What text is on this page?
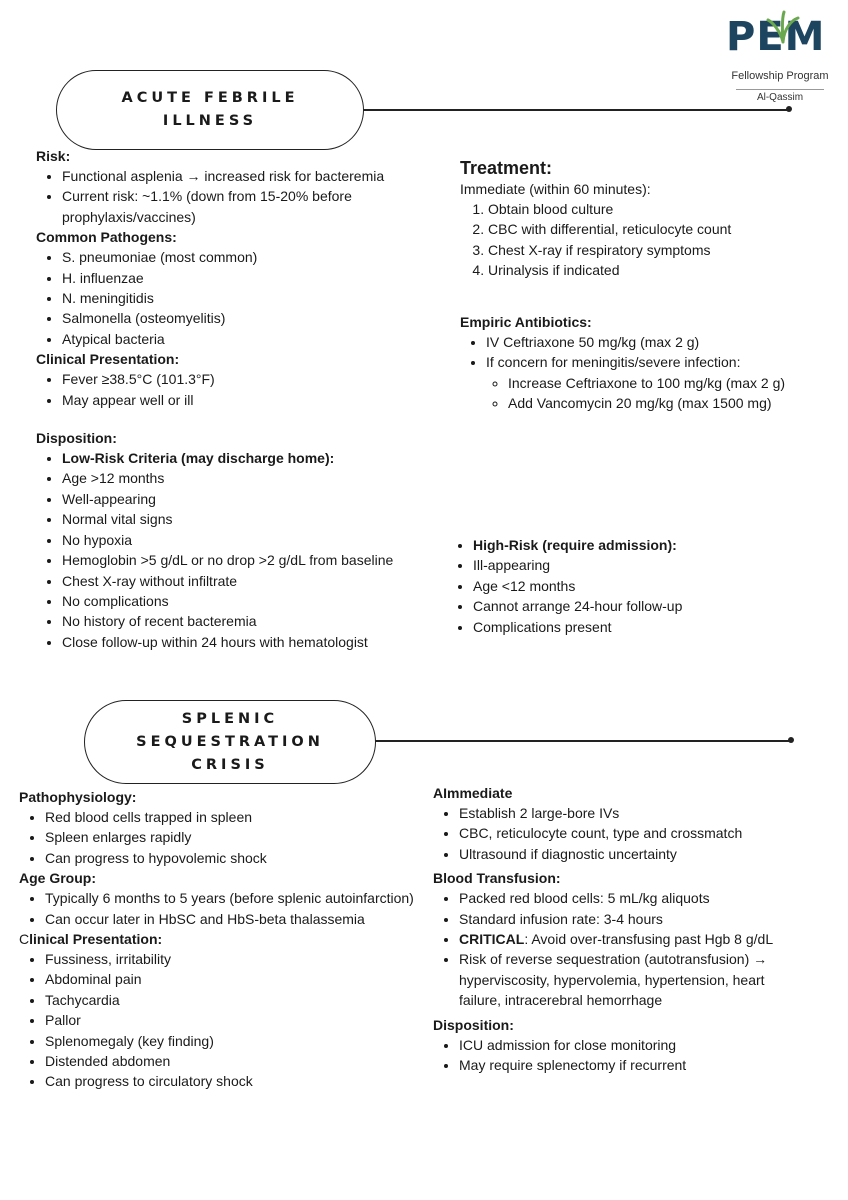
PEM
Fellowship Program
Al-Qassim
ACUTE FEBRILE
ILLNESS
Risk:
• Functional asplenia → increased risk for bacteremia
• Current risk: ~1.1% (down from 15-20% before prophylaxis/vaccines)
Common Pathogens:
• S. pneumoniae (most common)
• H. influenzae
• N. meningitidis
• Salmonella (osteomyelitis)
• Atypical bacteria
Clinical Presentation:
• Fever ≥38.5°C (101.3°F)
• May appear well or ill
Disposition:
• Low-Risk Criteria (may discharge home):
• Age >12 months
• Well-appearing
• Normal vital signs
• No hypoxia
• Hemoglobin >5 g/dL or no drop >2 g/dL from baseline
• Chest X-ray without infiltrate
• No complications
• No history of recent bacteremia
• Close follow-up within 24 hours with hematologist
Treatment:
Immediate (within 60 minutes):
1. Obtain blood culture
2. CBC with differential, reticulocyte count
3. Chest X-ray if respiratory symptoms
4. Urinalysis if indicated
Empiric Antibiotics:
• IV Ceftriaxone 50 mg/kg (max 2 g)
• If concern for meningitis/severe infection:
◦ Increase Ceftriaxone to 100 mg/kg (max 2 g)
◦ Add Vancomycin 20 mg/kg (max 1500 mg)
• High-Risk (require admission):
• Ill-appearing
• Age <12 months
• Cannot arrange 24-hour follow-up
• Complications present
SPLENIC
SEQUESTRATION
CRISIS
Pathophysiology:
• Red blood cells trapped in spleen
• Spleen enlarges rapidly
• Can progress to hypovolemic shock
Age Group:
• Typically 6 months to 5 years (before splenic autoinfarction)
• Can occur later in HbSC and HbS-beta thalassemia
Clinical Presentation:
• Fussiness, irritability
• Abdominal pain
• Tachycardia
• Pallor
• Splenomegaly (key finding)
• Distended abdomen
• Can progress to circulatory shock
AImmediate
• Establish 2 large-bore IVs
• CBC, reticulocyte count, type and crossmatch
• Ultrasound if diagnostic uncertainty
Blood Transfusion:
• Packed red blood cells: 5 mL/kg aliquots
• Standard infusion rate: 3-4 hours
• CRITICAL: Avoid over-transfusing past Hgb 8 g/dL
• Risk of reverse sequestration (autotransfusion) → hyperviscosity, hypervolemia, hypertension, heart failure, intracerebral hemorrhage
Disposition:
• ICU admission for close monitoring
• May require splenectomy if recurrent
